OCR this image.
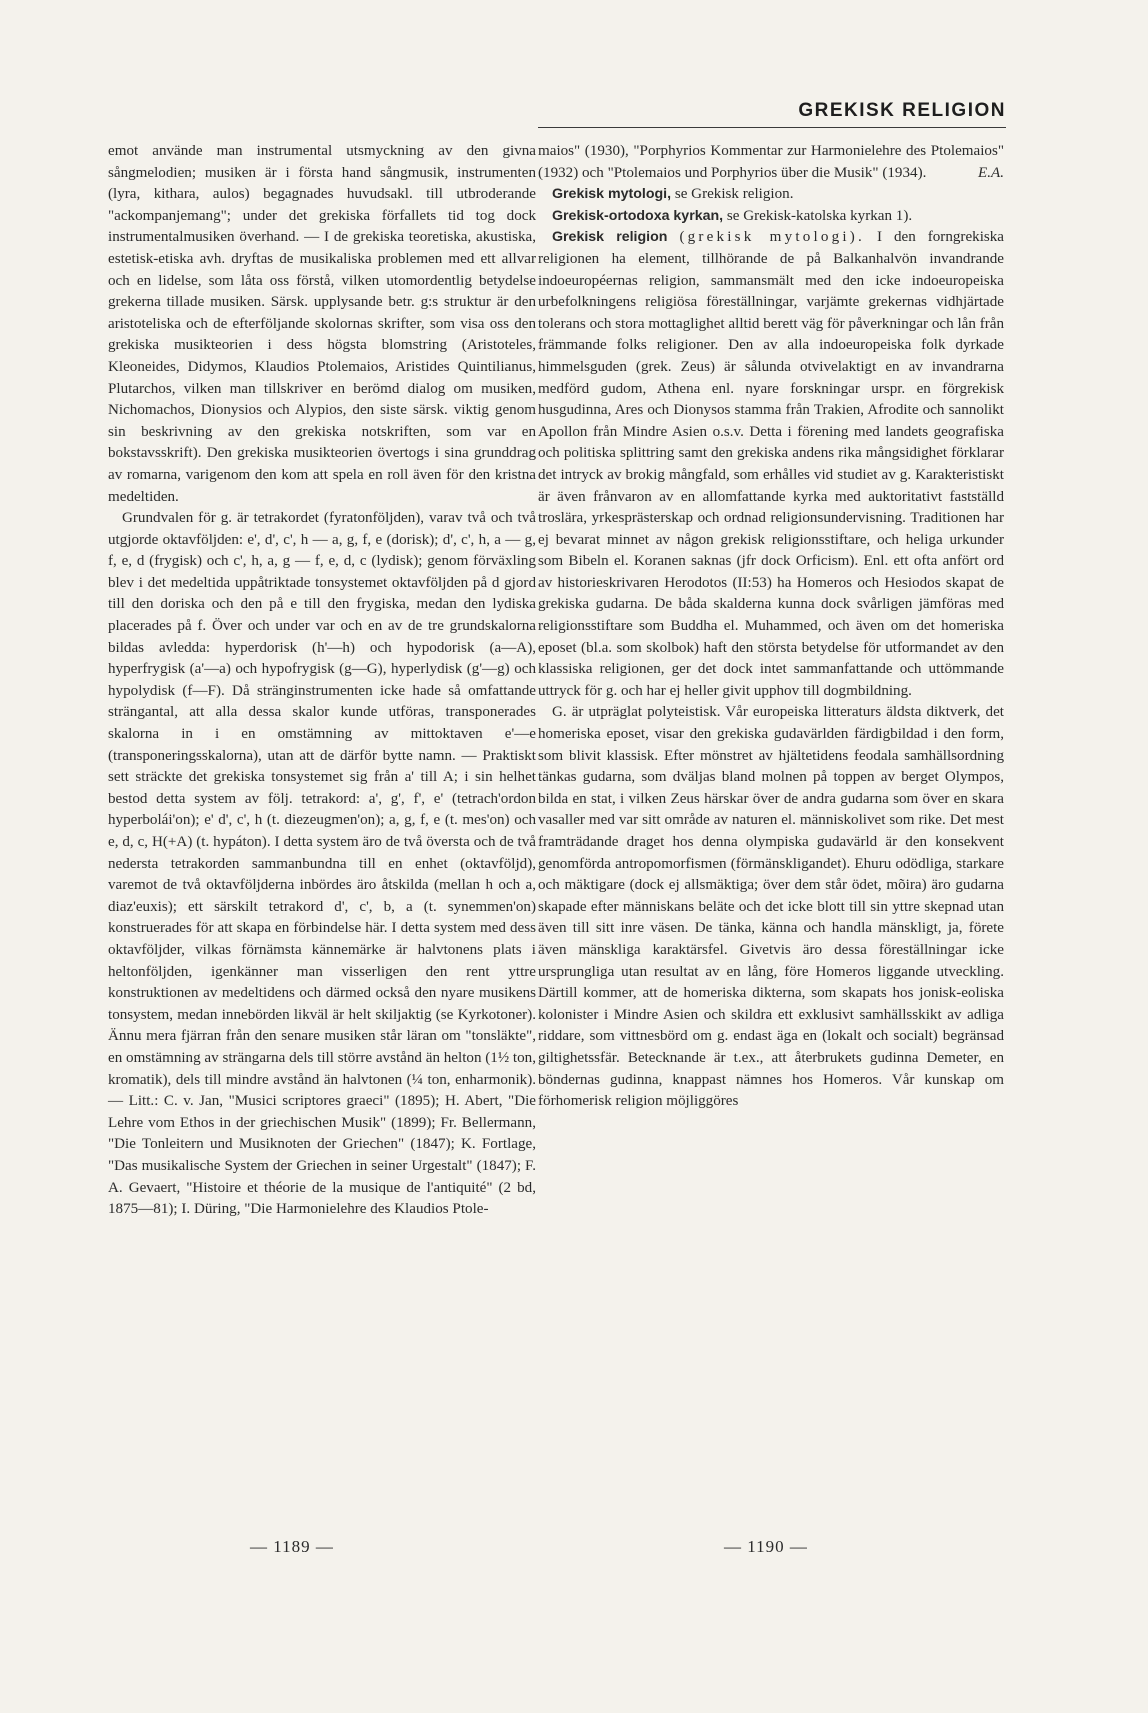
GREKISK RELIGION

emot använde man instrumental utsmyckning av den givna sångmelodien; musiken är i första hand sångmusik, instrumenten (lyra, kithara, aulos) begagnades huvudsakl. till utbroderande "ackompanjemang"; under det grekiska förfallets tid tog dock instrumentalmusiken överhand. — I de grekiska teoretiska, akustiska, estetisk-etiska avh. dryftas de musikaliska problemen med ett allvar och en lidelse, som låta oss förstå, vilken utomordentlig betydelse grekerna tillade musiken. Särsk. upplysande betr. g:s struktur är den aristoteliska och de efterföljande skolornas skrifter, som visa oss den grekiska musikteorien i dess högsta blomstring (Aristoteles, Kleoneides, Didymos, Klaudios Ptolemaios, Aristides Quintilianus, Plutarchos, vilken man tillskriver en berömd dialog om musiken, Nichomachos, Dionysios och Alypios, den siste särsk. viktig genom sin beskrivning av den grekiska notskriften, som var en bokstavsskrift). Den grekiska musikteorien övertogs i sina grunddrag av romarna, varigenom den kom att spela en roll även för den kristna medeltiden.

Grundvalen för g. är tetrakordet (fyratonföljden), varav två och två utgjorde oktavföljden: e', d', c', h — a, g, f, e (dorisk); d', c', h, a — g, f, e, d (frygisk) och c', h, a, g — f, e, d, c (lydisk); genom förväxling blev i det medeltida uppåtriktade tonsystemet oktavföljden på d gjord till den doriska och den på e till den frygiska, medan den lydiska placerades på f. Över och under var och en av de tre grundskalorna bildas avledda: hyperdorisk (h'—h) och hypodorisk (a—A), hyperfrygisk (a'—a) och hypofrygisk (g—G), hyperlydisk (g'—g) och hypolydisk (f—F). Då stränginstrumenten icke hade så omfattande strängantal, att alla dessa skalor kunde utföras, transponerades skalorna in i en omstämning av mittoktaven e'—e (transponeringsskalorna), utan att de därför bytte namn. — Praktiskt sett sträckte det grekiska tonsystemet sig från a' till A; i sin helhet bestod detta system av följ. tetrakord: a', g', f', e' (tetrach'ordon hyperbolái'on); e' d', c', h (t. diezeugmen'on); a, g, f, e (t. mes'on) och e, d, c, H(+A) (t. hypáton). I detta system äro de två översta och de två nedersta tetrakorden sammanbundna till en enhet (oktavföljd), varemot de två oktavföljderna inbördes äro åtskilda (mellan h och a, diaz'euxis); ett särskilt tetrakord d', c', b, a (t. synemmen'on) konstruerades för att skapa en förbindelse här. I detta system med dess oktavföljder, vilkas förnämsta kännemärke är halvtonens plats i heltonföljden, igenkänner man visserligen den rent yttre konstruktionen av medeltidens och därmed också den nyare musikens tonsystem, medan innebörden likväl är helt skiljaktig (se Kyrkotoner). Ännu mera fjärran från den senare musiken står läran om "tonsläkte", en omstämning av strängarna dels till större avstånd än helton (1½ ton, kromatik), dels till mindre avstånd än halvtonen (¼ ton, enharmonik). — Litt.: C. v. Jan, "Musici scriptores graeci" (1895); H. Abert, "Die Lehre vom Ethos in der griechischen Musik" (1899); Fr. Bellermann, "Die Tonleitern und Musiknoten der Griechen" (1847); K. Fortlage, "Das musikalische System der Griechen in seiner Urgestalt" (1847); F. A. Gevaert, "Histoire et théorie de la musique de l'antiquité" (2 bd, 1875—81); I. Düring, "Die Harmonielehre des Klaudios Ptole-

maios" (1930), "Porphyrios Kommentar zur Harmonielehre des Ptolemaios" (1932) och "Ptolemaios und Porphyrios über die Musik" (1934).	E.A.

Grekisk mytologi, se Grekisk religion.

Grekisk-ortodoxa kyrkan, se Grekisk-katolska kyrkan 1).

Grekisk religion (grekisk mytologi). I den forngrekiska religionen ha element, tillhörande de på Balkanhalvön invandrande indoeuropéernas religion, sammansmält med den icke indoeuropeiska urbefolkningens religiösa föreställningar, varjämte grekernas vidhjärtade tolerans och stora mottaglighet alltid berett väg för påverkningar och lån från främmande folks religioner. Den av alla indoeuropeiska folk dyrkade himmelsguden (grek. Zeus) är sålunda otvivelaktigt en av invandrarna medförd gudom, Athena enl. nyare forskningar urspr. en förgrekisk husgudinna, Ares och Dionysos stamma från Trakien, Afrodite och sannolikt Apollon från Mindre Asien o.s.v. Detta i förening med landets geografiska och politiska splittring samt den grekiska andens rika mångsidighet förklarar det intryck av brokig mångfald, som erhålles vid studiet av g. Karakteristiskt är även frånvaron av en allomfattande kyrka med auktoritativt fastställd troslära, yrkesprästerskap och ordnad religionsundervisning. Traditionen har ej bevarat minnet av någon grekisk religionsstiftare, och heliga urkunder som Bibeln el. Koranen saknas (jfr dock Orficism). Enl. ett ofta anfört ord av historieskrivaren Herodotos (II:53) ha Homeros och Hesiodos skapat de grekiska gudarna. De båda skalderna kunna dock svårligen jämföras med religionsstiftare som Buddha el. Muhammed, och även om det homeriska eposet (bl.a. som skolbok) haft den största betydelse för utformandet av den klassiska religionen, ger det dock intet sammanfattande och uttömmande uttryck för g. och har ej heller givit upphov till dogmbildning.

G. är utpräglat polyteistisk. Vår europeiska litteraturs äldsta diktverk, det homeriska eposet, visar den grekiska gudavärlden färdigbildad i den form, som blivit klassisk. Efter mönstret av hjältetidens feodala samhällsordning tänkas gudarna, som dväljas bland molnen på toppen av berget Olympos, bilda en stat, i vilken Zeus härskar över de andra gudarna som över en skara vasaller med var sitt område av naturen el. människolivet som rike. Det mest framträdande draget hos denna olympiska gudavärld är den konsekvent genomförda antropomorfismen (förmänskligandet). Ehuru odödliga, starkare och mäktigare (dock ej allsmäktiga; över dem står ödet, mõira) äro gudarna skapade efter människans beläte och det icke blott till sin yttre skepnad utan även till sitt inre väsen. De tänka, känna och handla mänskligt, ja, förete även mänskliga karaktärsfel. Givetvis äro dessa föreställningar icke ursprungliga utan resultat av en lång, före Homeros liggande utveckling. Därtill kommer, att de homeriska dikterna, som skapats hos jonisk-eoliska kolonister i Mindre Asien och skildra ett exklusivt samhällsskikt av adliga riddare, som vittnesbörd om g. endast äga en (lokalt och socialt) begränsad giltighetssfär. Betecknande är t.ex., att återbrukets gudinna Demeter, en böndernas gudinna, knappast nämnes hos Homeros. Vår kunskap om förhomerisk religion möjliggöres

— 1189 —	— 1190 —
